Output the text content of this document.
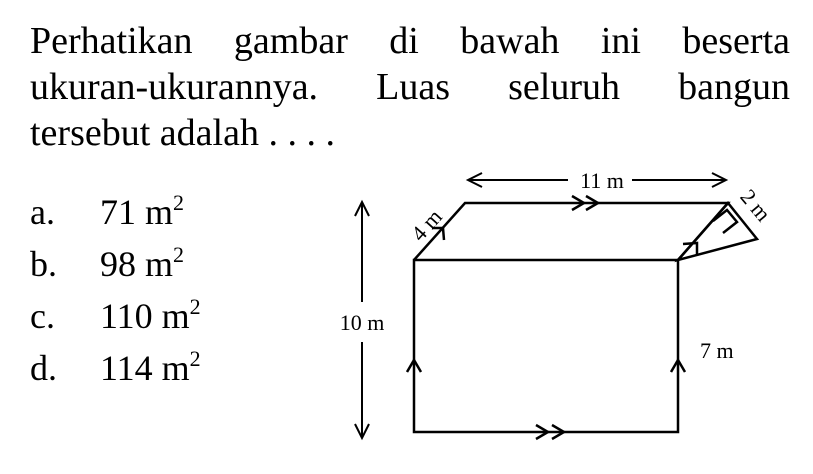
Perhatikan gambar di bawah ini beserta
ukuran-ukurannya. Luas seluruh bangun
tersebut adalah . . . .
a. 71 $m^2$
b. 98 $m^2$
c. 110 $m^2$
d. 114 $m^2$
11 m
10 m
4 m	2 m
7 m
